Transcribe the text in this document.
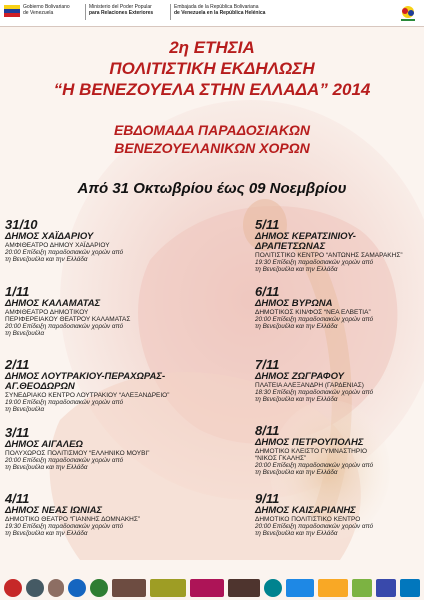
Gobierno Bolivariano
de Venezuela
Ministerio del Poder Popular
para Relaciones Exteriores
Embajada de la República Bolivariana
de Venezuela en la República Helénica
2η ΕΤΗΣΙΑ
ΠΟΛΙΤΙΣΤΙΚΗ ΕΚΔΗΛΩΣΗ
“Η ΒΕΝΕΖΟΥΕΛΑ ΣΤΗΝ ΕΛΛΑΔΑ” 2014
ΕΒΔΟΜΑΔΑ ΠΑΡΑΔΟΣΙΑΚΩΝ
ΒΕΝΕΖΟΥΕΛΑΝΙΚΩΝ ΧΟΡΩΝ
Από 31 Οκτωβρίου έως 09 Νοεμβρίου
31/10
ΔΗΜΟΣ ΧΑΪΔΑΡΙΟΥ
ΑΜΦΙΘΕΑΤΡΟ ΔΗΜΟΥ ΧΑΪΔΑΡΙΟΥ
20:00 Επίδειξη παραδοσιακών χορών από
τη Βενεζουέλα και την Ελλάδα
1/11
ΔΗΜΟΣ ΚΑΛΑΜΑΤΑΣ
ΑΜΦΙΘΕΑΤΡΟ ΔΗΜΟΤΙΚΟΥ
ΠΕΡΙΦΕΡΕΙΑΚΟΥ ΘΕΑΤΡΟΥ ΚΑΛΑΜΑΤΑΣ
20:00 Επίδειξη παραδοσιακών χορών από
τη Βενεζουέλα
2/11
ΔΗΜΟΣ ΛΟΥΤΡΑΚΙΟΥ-ΠΕΡΑΧΩΡΑΣ-
ΑΓ.ΘΕΟΔΩΡΩΝ
ΣΥΝΕΔΡΙΑΚΟ ΚΕΝΤΡΟ ΛΟΥΤΡΑΚΙΟΥ “ΑΛΕΞΑΝΔΡΕΙΟ”
19:00 Επίδειξη παραδοσιακών χορών από
τη Βενεζουέλα
3/11
ΔΗΜΟΣ ΑΙΓΑΛΕΩ
ΠΟΛΥΧΩΡΟΣ ΠΟΛΙΤΙΣΜΟΥ “ΕΛΛΗΝΙΚΟ ΜΟΥΒΙ”
20:00 Επίδειξη παραδοσιακών χορών από
τη Βενεζουέλα και την Ελλάδα
4/11
ΔΗΜΟΣ ΝΕΑΣ ΙΩΝΙΑΣ
ΔΗΜΟΤΙΚΟ ΘΕΑΤΡΟ “ΓΙΑΝΝΗΣ ΔΟΜΝΑΚΗΣ”
19:30 Επίδειξη παραδοσιακών χορών από
τη Βενεζουέλα και την Ελλάδα
5/11
ΔΗΜΟΣ ΚΕΡΑΤΣΙΝΙΟΥ-
ΔΡΑΠΕΤΣΩΝΑΣ
ΠΟΛΙΤΙΣΤΙΚΟ ΚΕΝΤΡΟ “ΑΝΤΩΝΗΣ ΣΑΜΑΡΑΚΗΣ”
19:30 Επίδειξη παραδοσιακών χορών από
τη Βενεζουέλα και την Ελλάδα
6/11
ΔΗΜΟΣ ΒΥΡΩΝΑ
ΔΗΜΟΤΙΚΟΣ ΚΙΝ/ΦΟΣ “ΝΕΑ ΕΛΒΕΤΙΑ”
20:00 Επίδειξη παραδοσιακών χορών από
τη Βενεζουέλα και την Ελλάδα
7/11
ΔΗΜΟΣ ΖΩΓΡΑΦΟΥ
ΠΛΑΤΕΙΑ ΑΛΕΞΑΝΔΡΗ (ΓΑΡΔΕΝΙΑΣ)
18:30 Επίδειξη παραδοσιακών χορών από
τη Βενεζουέλα και την Ελλάδα
8/11
ΔΗΜΟΣ ΠΕΤΡΟΥΠΟΛΗΣ
ΔΗΜΟΤΙΚΟ ΚΛΕΙΣΤΟ ΓΥΜΝΑΣΤΗΡΙΟ
“ΝΙΚΟΣ ΓΚΑΛΗΣ”
20:00 Επίδειξη παραδοσιακών χορών από
τη Βενεζουέλα και την Ελλάδα
9/11
ΔΗΜΟΣ ΚΑΙΣΑΡΙΑΝΗΣ
ΔΗΜΟΤΙΚΟ ΠΟΛΙΤΙΣΤΙΚΟ ΚΕΝΤΡΟ
20:00 Επίδειξη παραδοσιακών χορών από
τη Βενεζουέλα και την Ελλάδα
